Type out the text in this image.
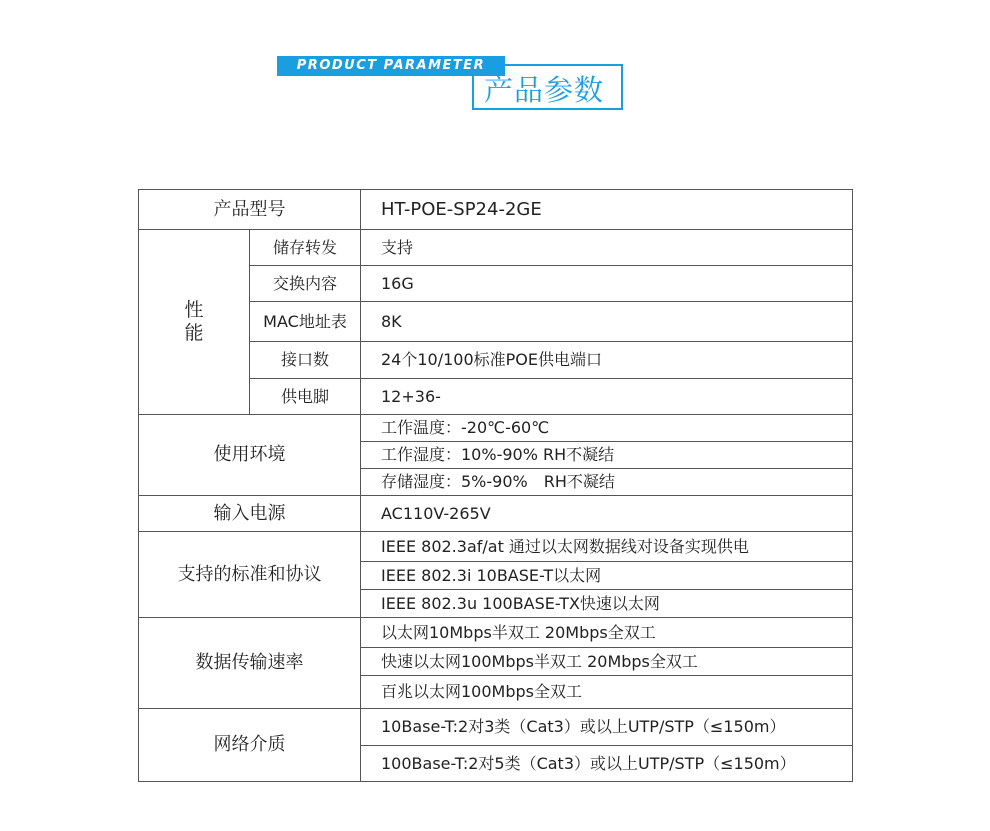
PRODUCT PARAMETER
产品参数
产品型号		HT-POE-SP24-2GE

性
能	储存转发	支持
	交换内容	16G
	MAC地址表	8K
	接口数	24个10/100标准POE供电端口
	供电脚	12+36-
使用环境		工作温度：-20℃-60℃
工作湿度：10%-90% RH不凝结
存储湿度：5%-90%　RH不凝结

输入电源		AC110V-265V
支持的标准和协议		IEEE 802.3af/at 通过以太网数据线对设备实现供电
IEEE 802.3i 10BASE-T以太网
IEEE 802.3u 100BASE-TX快速以太网

数据传输速率		以太网10Mbps半双工 20Mbps全双工
快速以太网100Mbps半双工 20Mbps全双工
百兆以太网100Mbps全双工

网络介质		10Base-T:2对3类（Cat3）或以上UTP/STP（≤150m）
100Base-T:2对5类（Cat3）或以上UTP/STP（≤150m）
